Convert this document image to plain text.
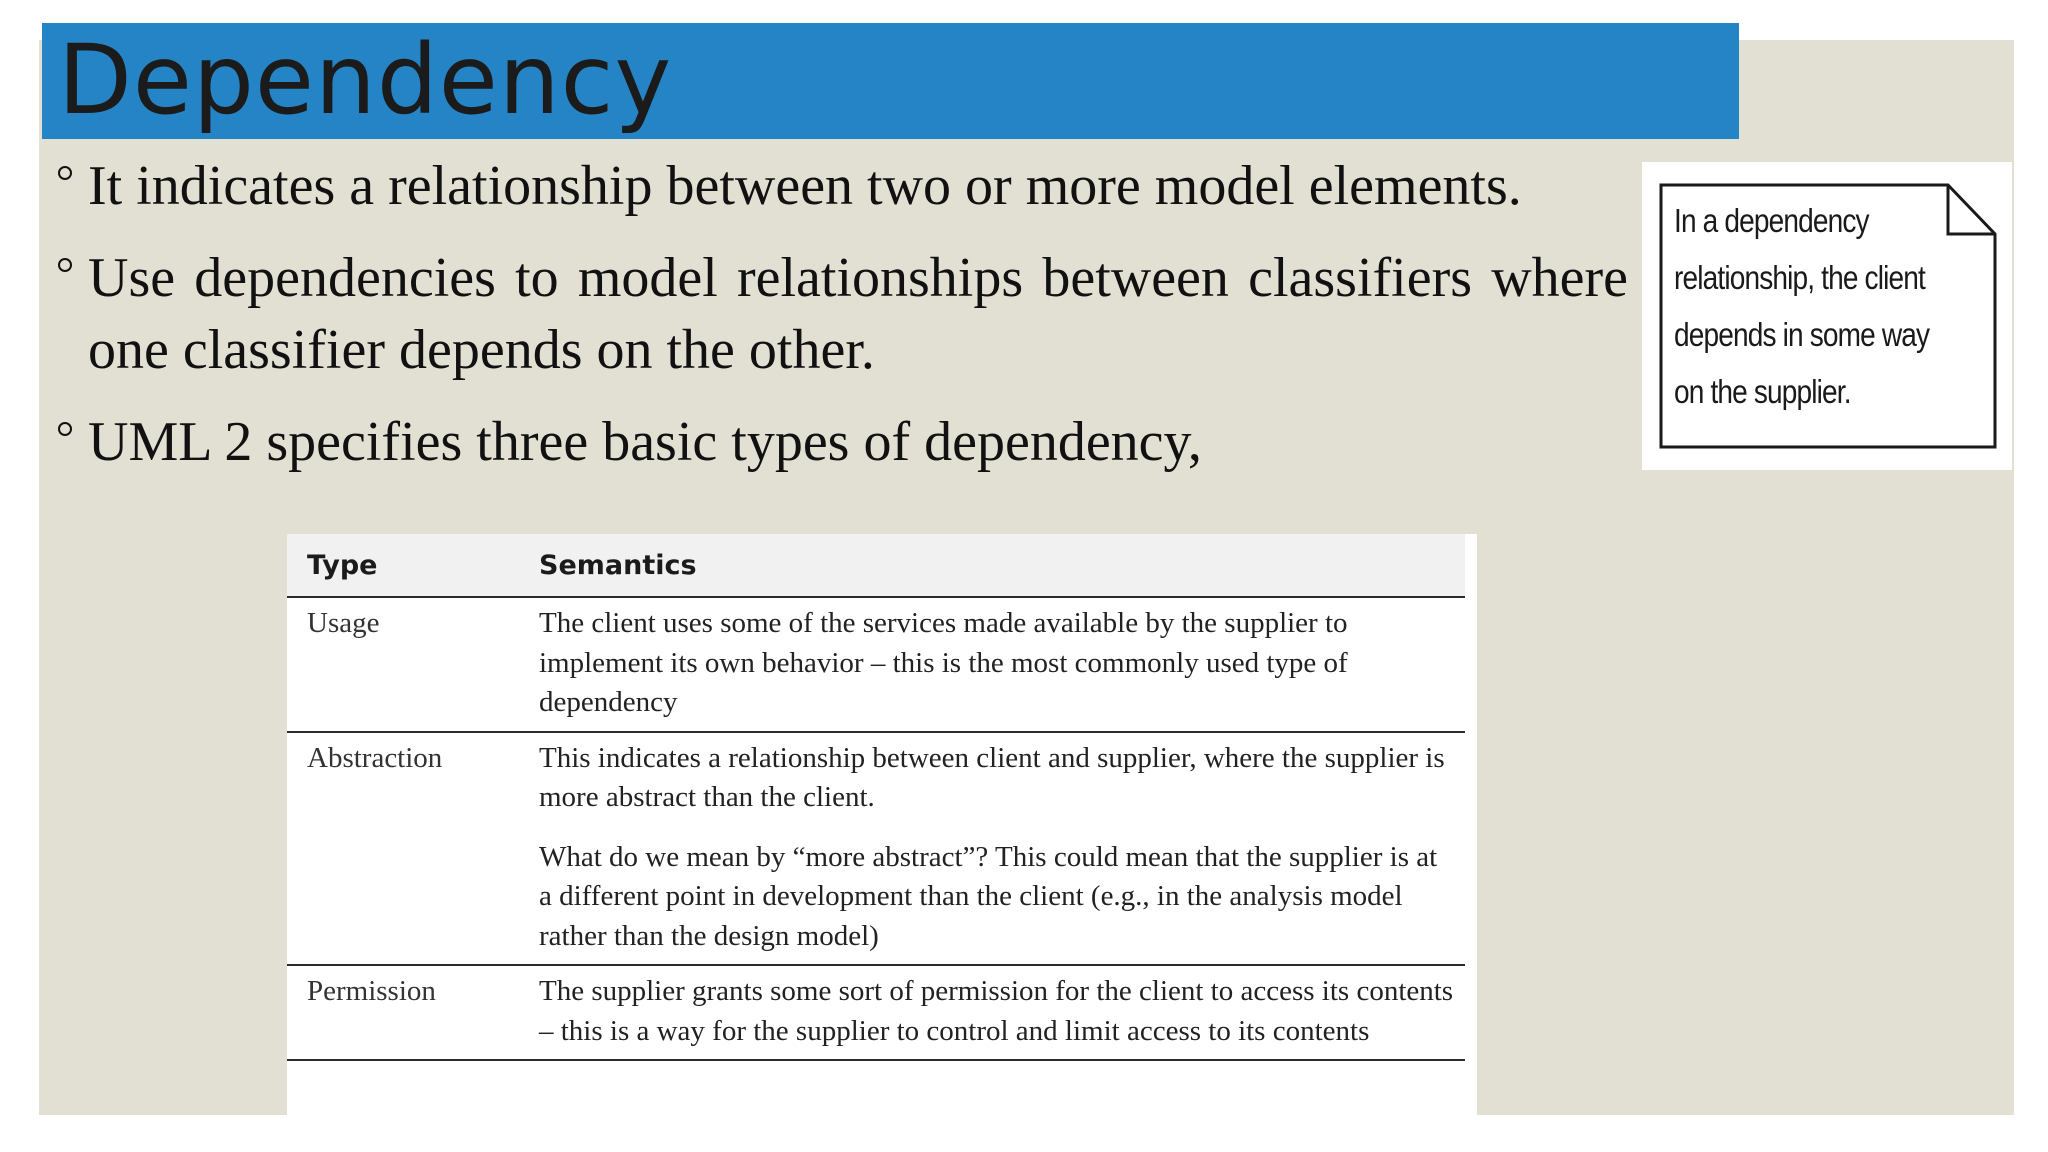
Dependency
It indicates a relationship between two or more model elements.
Use dependencies to model relationships between classifiers where one classifier depends on the other.
UML 2 specifies three basic types of dependency,
In a dependency
relationship, the client
depends in some way
on the supplier.
Type	Semantics
Usage	The client uses some of the services made available by the supplier to implement its own behavior – this is the most commonly used type of dependency

Abstraction	This indicates a relationship between client and supplier, where the supplier is more abstract than the client.
What do we mean by “more abstract”? This could mean that the supplier is at a different point in development than the client (e.g., in the analysis model rather than the design model)

Permission	The supplier grants some sort of permission for the client to access its contents – this is a way for the supplier to control and limit access to its contents
